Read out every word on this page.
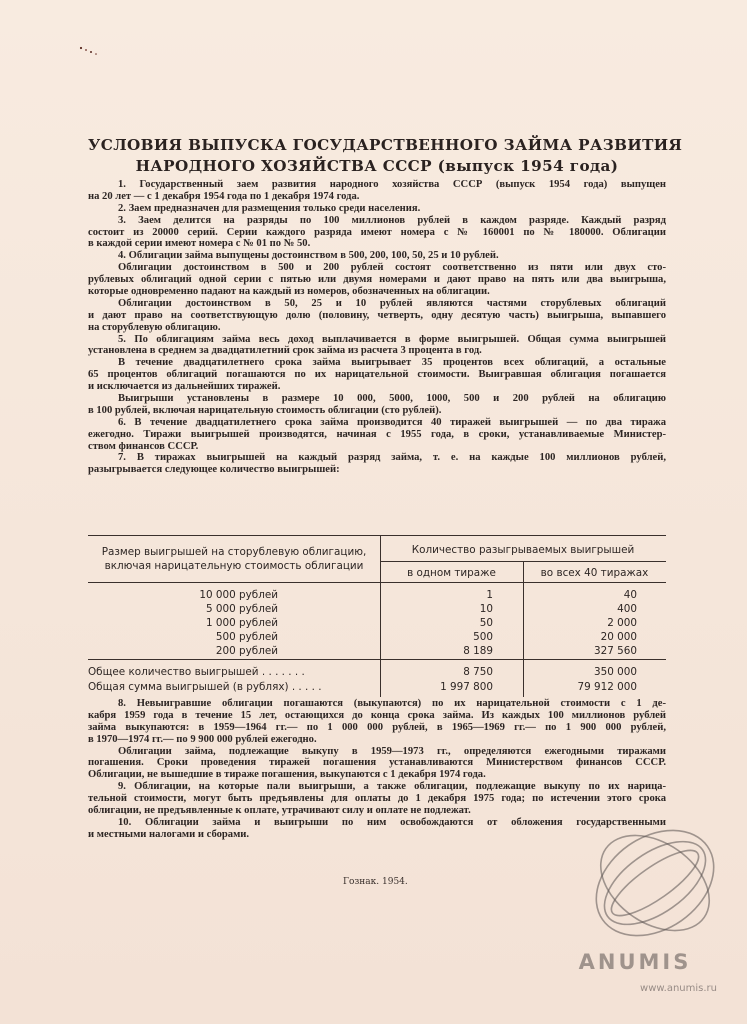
УСЛОВИЯ ВЫПУСКА ГОСУДАРСТВЕННОГО ЗАЙМА РАЗВИТИЯ
НАРОДНОГО ХОЗЯЙСТВА СССР (выпуск 1954 года)
1. Государственный заем развития народного хозяйства СССР (выпуск 1954 года) выпущен
на 20 лет — с 1 декабря 1954 года по 1 декабря 1974 года.
2. Заем предназначен для размещения только среди населения.
3. Заем делится на разряды по 100 миллионов рублей в каждом разряде. Каждый разряд
состоит из 20000 серий. Серии каждого разряда имеют номера с № 160001 по № 180000. Облигации
в каждой серии имеют номера с № 01 по № 50.
4. Облигации займа выпущены достоинством в 500, 200, 100, 50, 25 и 10 рублей.
Облигации достоинством в 500 и 200 рублей состоят соответственно из пяти или двух сто-
рублевых облигаций одной серии с пятью или двумя номерами и дают право на пять или два выигрыша,
которые одновременно падают на каждый из номеров, обозначенных на облигации.
Облигации достоинством в 50, 25 и 10 рублей являются частями сторублевых облигаций
и дают право на соответствующую долю (половину, четверть, одну десятую часть) выигрыша, выпавшего
на сторублевую облигацию.
5. По облигациям займа весь доход выплачивается в форме выигрышей. Общая сумма выигрышей
установлена в среднем за двадцатилетний срок займа из расчета 3 процента в год.
В течение двадцатилетнего срока займа выигрывает 35 процентов всех облигаций, а остальные
65 процентов облигаций погашаются по их нарицательной стоимости. Выигравшая облигация погашается
и исключается из дальнейших тиражей.
Выигрыши установлены в размере 10 000, 5000, 1000, 500 и 200 рублей на облигацию
в 100 рублей, включая нарицательную стоимость облигации (сто рублей).
6. В течение двадцатилетнего срока займа производится 40 тиражей выигрышей — по два тиража
ежегодно. Тиражи выигрышей производятся, начиная с 1955 года, в сроки, устанавливаемые Министер-
ством финансов СССР.
7. В тиражах выигрышей на каждый разряд займа, т. е. на каждые 100 миллионов рублей,
разыгрывается следующее количество выигрышей:
Размер выигрышей на сторублевую облигацию,
включая нарицательную стоимость облигации
Количество разыгрываемых выигрышей
в одном тираже	во всех 40 тиражах
10 000 рублей	1	40
5 000 рублей	10	400
1 000 рублей	50	2 000
500 рублей	500	20 000
200 рублей	8 189	327 560
Общее количество выигрышей . . . . . . .	8 750	350 000
Общая сумма выигрышей (в рублях) . . . . .	1 997 800	79 912 000
8. Невыигравшие облигации погашаются (выкупаются) по их нарицательной стоимости с 1 де-
кабря 1959 года в течение 15 лет, остающихся до конца срока займа. Из каждых 100 миллионов рублей
займа выкупаются: в 1959—1964 гг.— по 1 000 000 рублей, в 1965—1969 гг.— по 1 900 000 рублей,
в 1970—1974 гг.— по 9 900 000 рублей ежегодно.
Облигации займа, подлежащие выкупу в 1959—1973 гг., определяются ежегодными тиражами
погашения. Сроки проведения тиражей погашения устанавливаются Министерством финансов СССР.
Облигации, не вышедшие в тираже погашения, выкупаются с 1 декабря 1974 года.
9. Облигации, на которые пали выигрыши, а также облигации, подлежащие выкупу по их нарица-
тельной стоимости, могут быть предъявлены для оплаты до 1 декабря 1975 года; по истечении этого срока
облигации, не предъявленные к оплате, утрачивают силу и оплате не подлежат.
10. Облигации займа и выигрыши по ним освобождаются от обложения государственными
и местными налогами и сборами.
Гознак. 1954.
ANUMIS
www.anumis.ru
